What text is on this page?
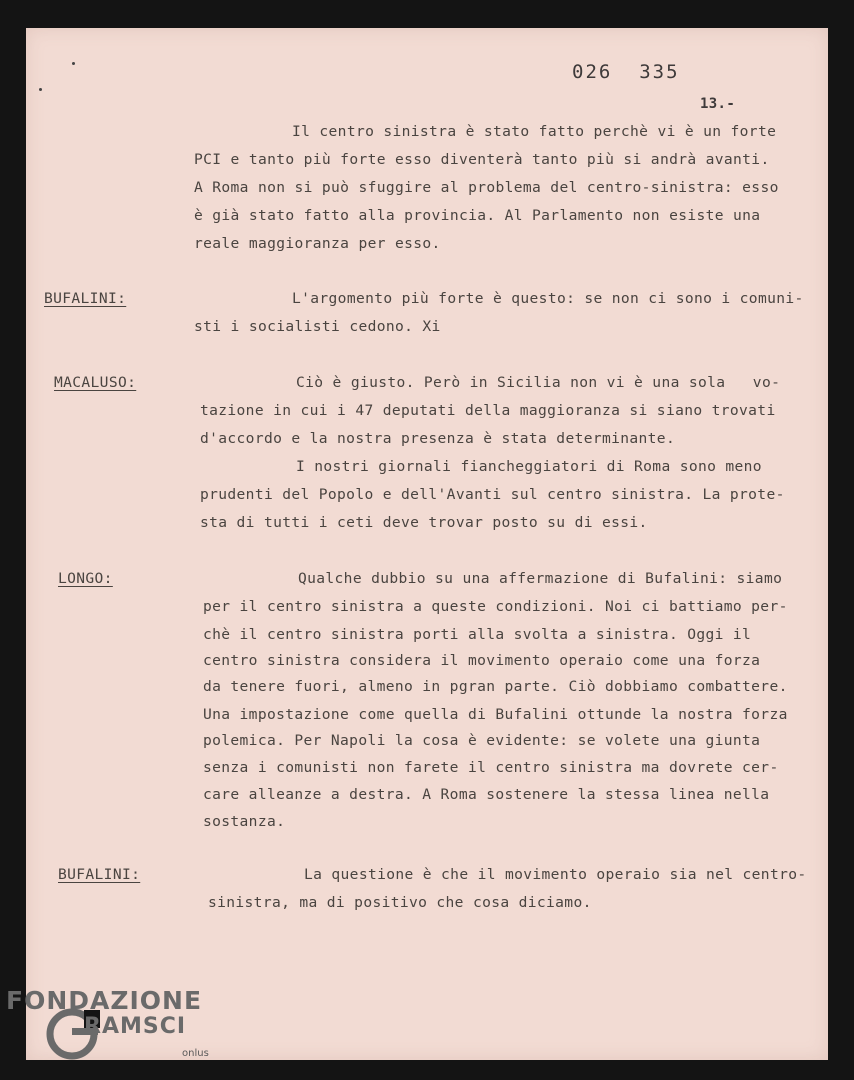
026  335
13.-
Il centro sinistra è stato fatto perchè vi è un forte
PCI e tanto più forte esso diventerà tanto più si andrà avanti.
A Roma non si può sfuggire al problema del centro-sinistra: esso
è già stato fatto alla provincia. Al Parlamento non esiste una
reale maggioranza per esso.
BUFALINI:	L'argomento più forte è questo: se non ci sono i comuni-
sti i socialisti cedono. Xi
MACALUSO:	Ciò è giusto. Però in Sicilia non vi è una sola   vo-
tazione in cui i 47 deputati della maggioranza si siano trovati
d'accordo e la nostra presenza è stata determinante.
I nostri giornali fiancheggiatori di Roma sono meno
prudenti del Popolo e dell'Avanti sul centro sinistra. La prote-
sta di tutti i ceti deve trovar posto su di essi.
LONGO:	Qualche dubbio su una affermazione di Bufalini: siamo
per il centro sinistra a queste condizioni. Noi ci battiamo per-
chè il centro sinistra porti alla svolta a sinistra. Oggi il
centro sinistra considera il movimento operaio come una forza
da tenere fuori, almeno in pgran parte. Ciò dobbiamo combattere.
Una impostazione come quella di Bufalini ottunde la nostra forza
polemica. Per Napoli la cosa è evidente: se volete una giunta
senza i comunisti non farete il centro sinistra ma dovrete cer-
care alleanze a destra. A Roma sostenere la stessa linea nella
sostanza.
BUFALINI:	La questione è che il movimento operaio sia nel centro-
sinistra, ma di positivo che cosa diciamo.
FONDAZIONE
RAMSCI
onlus
